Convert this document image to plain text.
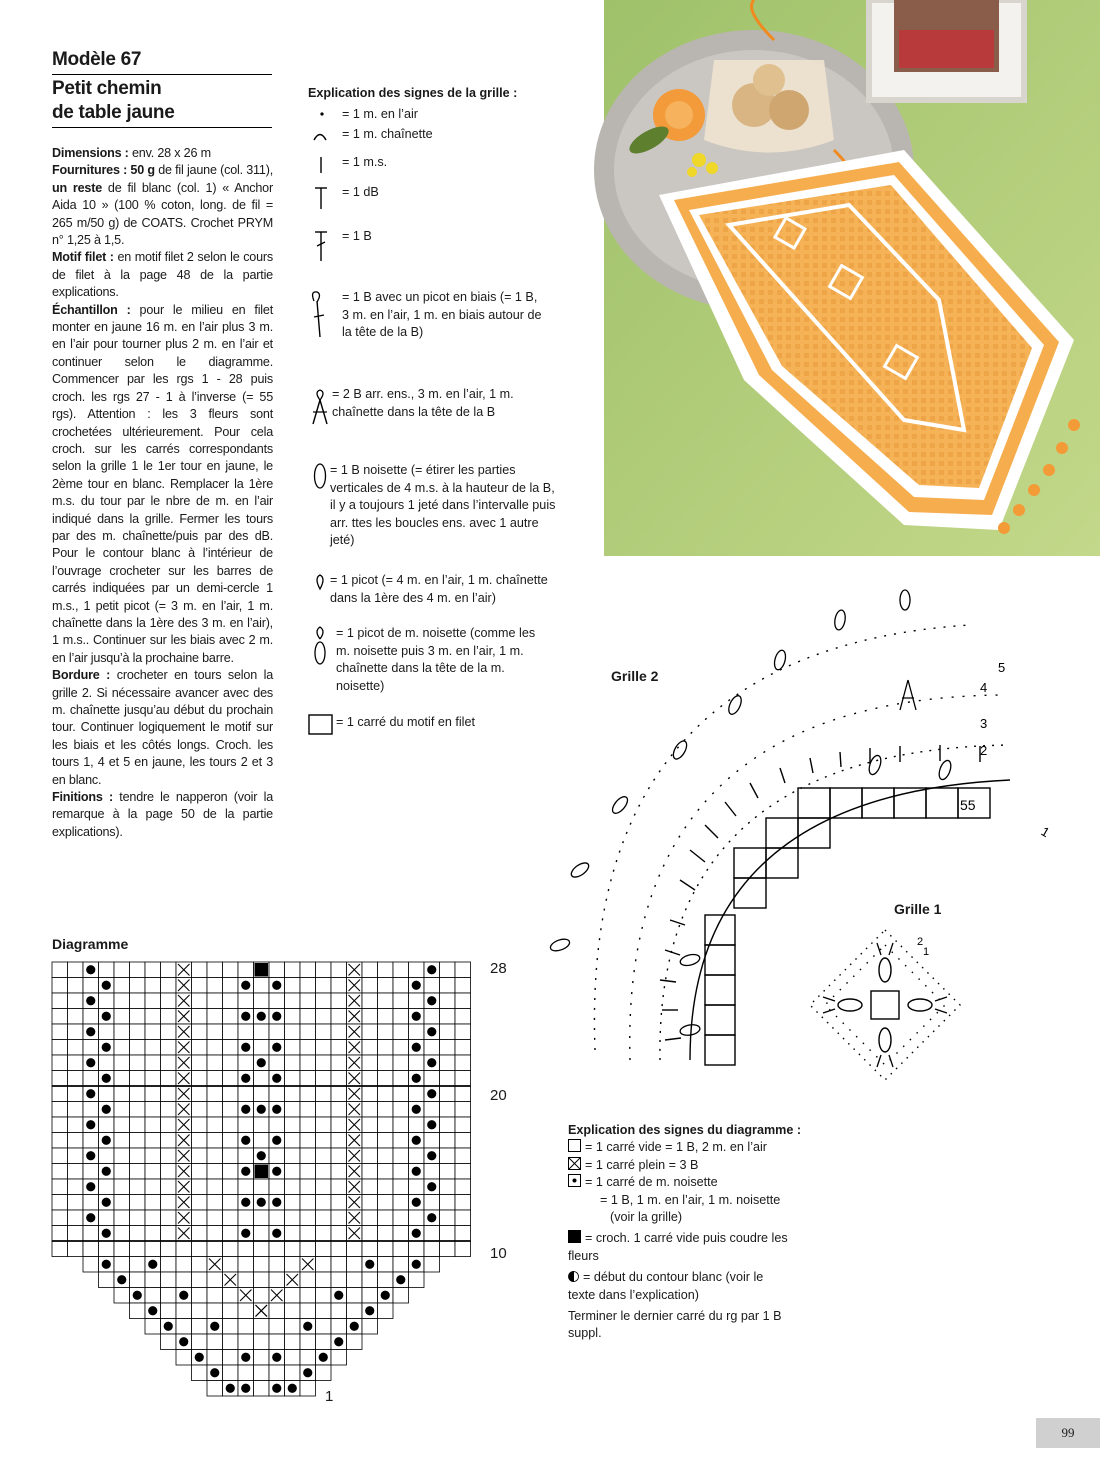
Modèle 67
Petit chemin
de table jaune

Dimensions : env. 28 x 26 m

Fournitures : 50 g de fil jaune (col. 311), un reste de fil blanc (col. 1) « Anchor Aida 10 » (100 % coton, long. de fil = 265 m/50 g) de COATS. Crochet PRYM n° 1,25 à 1,5.

Motif filet : en motif filet 2 selon le cours de filet à la page 48 de la partie explications.

Échantillon : pour le milieu en filet monter en jaune 16 m. en l’air plus 3 m. en l’air pour tourner plus 2 m. en l’air et continuer selon le diagramme. Commencer par les rgs 1 - 28 puis croch. les rgs 27 - 1 à l’inverse (= 55 rgs). Attention : les 3 fleurs sont crochetées ultérieurement. Pour cela croch. sur les carrés correspondants selon la grille 1 le 1er tour en jaune, le 2ème tour en blanc. Remplacer la 1ère m.s. du tour par le nbre de m. en l’air indiqué dans la grille. Fermer les tours par des m. chaînette/puis par des dB. Pour le contour blanc à l’intérieur de l’ouvrage crocheter sur les barres de carrés indiquées par un demi-cercle 1 m.s., 1 petit picot (= 3 m. en l’air, 1 m. chaînette dans la 1ère des 3 m. en l’air), 1 m.s.. Continuer sur les biais avec 2 m. en l’air jusqu’à la prochaine barre.

Bordure : crocheter en tours selon la grille 2. Si nécessaire avancer avec des m. chaînette jusqu’au début du prochain tour. Continuer logiquement le motif sur les biais et les côtés longs. Croch. les tours 1, 4 et 5 en jaune, les tours 2 et 3 en blanc.

Finitions : tendre le napperon (voir la remarque à la page 50 de la partie explications).

Explication des signes de la grille :
= 1 m. en l’air
= 1 m. chaînette
= 1 m.s.
= 1 dB
= 1 B
= 1 B avec un picot en biais (= 1 B, 3 m. en l’air, 1 m. en biais autour de la tête de la B)
= 2 B arr. ens., 3 m. en l’air, 1 m. chaînette dans la tête de la B
= 1 B noisette (= étirer les parties verticales de 4 m.s. à la hauteur de la B, il y a toujours 1 jeté dans l’intervalle puis arr. ttes les boucles ens. avec 1 autre jeté)
= 1 picot (= 4 m. en l’air, 1 m. chaînette dans la 1ère des 4 m. en l’air)
= 1 picot de m. noisette (comme les m. noisette puis 3 m. en l’air, 1 m. chaînette dans la tête de la m. noisette)
= 1 carré du motif en filet
Grille 2
55
1
2
3
4
5
Grille 1
1
2
Diagramme
28
20
10
1
Explication des signes du diagramme :
= 1 carré vide = 1 B, 2 m. en l’air
= 1 carré plein = 3 B
= 1 carré de m. noisette
= 1 B, 1 m. en l’air, 1 m. noisette
(voir la grille)
= croch. 1 carré vide puis coudre les
fleurs
= début du contour blanc (voir le
texte dans l’explication)
Terminer le dernier carré du rg par 1 B
suppl.
99
